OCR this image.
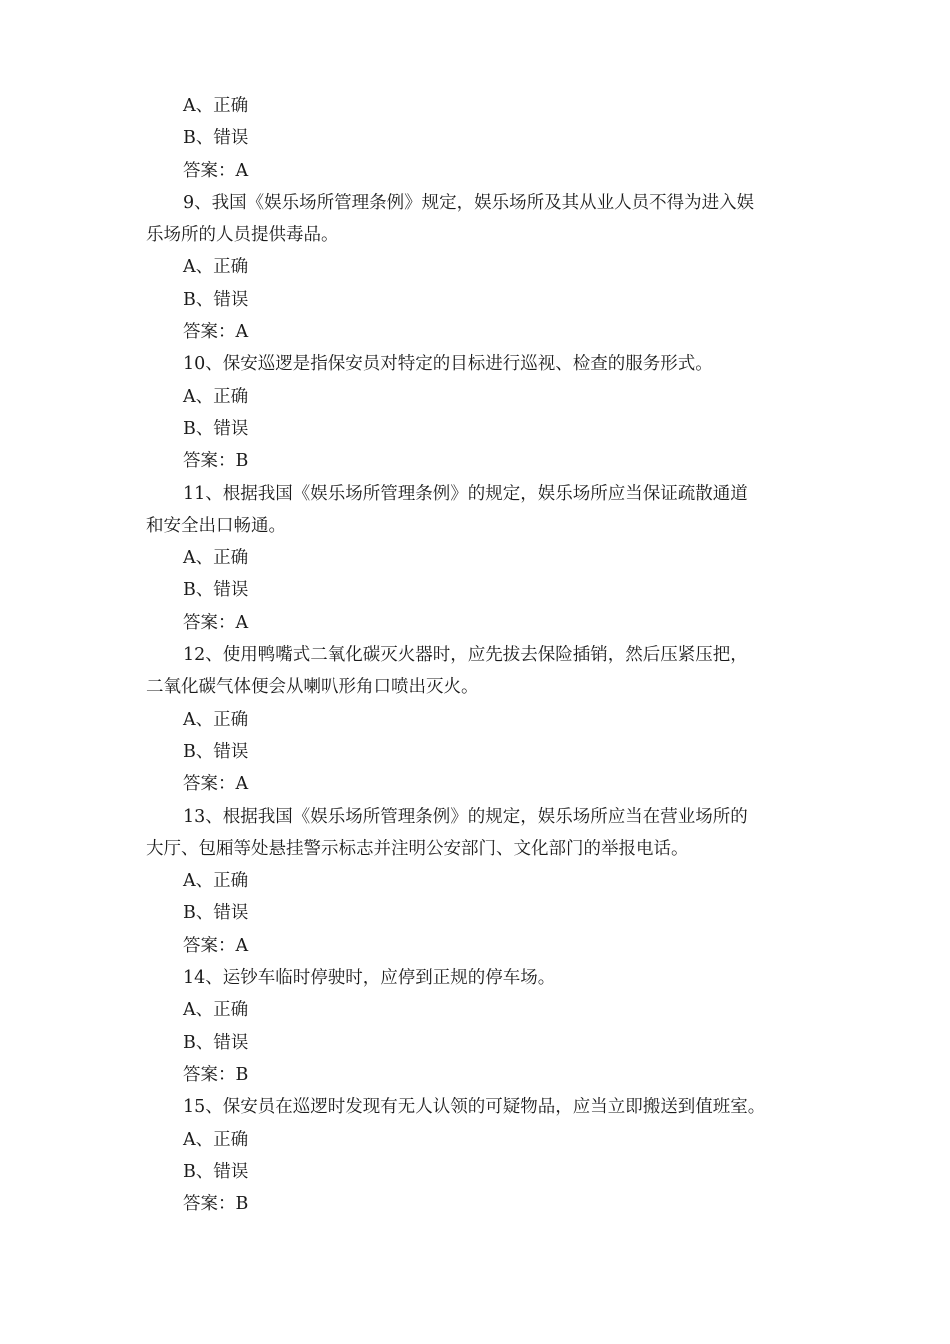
A、正确

B、错误

答案：A

9、我国《娱乐场所管理条例》规定，娱乐场所及其从业人员不得为进入娱

乐场所的人员提供毒品。

A、正确

B、错误

答案：A

10、保安巡逻是指保安员对特定的目标进行巡视、检查的服务形式。

A、正确

B、错误

答案：B

11、根据我国《娱乐场所管理条例》的规定，娱乐场所应当保证疏散通道

和安全出口畅通。

A、正确

B、错误

答案：A

12、使用鸭嘴式二氧化碳灭火器时，应先拔去保险插销，然后压紧压把，

二氧化碳气体便会从喇叭形角口喷出灭火。

A、正确

B、错误

答案：A

13、根据我国《娱乐场所管理条例》的规定，娱乐场所应当在营业场所的

大厅、包厢等处悬挂警示标志并注明公安部门、文化部门的举报电话。

A、正确

B、错误

答案：A

14、运钞车临时停驶时，应停到正规的停车场。

A、正确

B、错误

答案：B

15、保安员在巡逻时发现有无人认领的可疑物品，应当立即搬送到值班室。

A、正确

B、错误

答案：B
